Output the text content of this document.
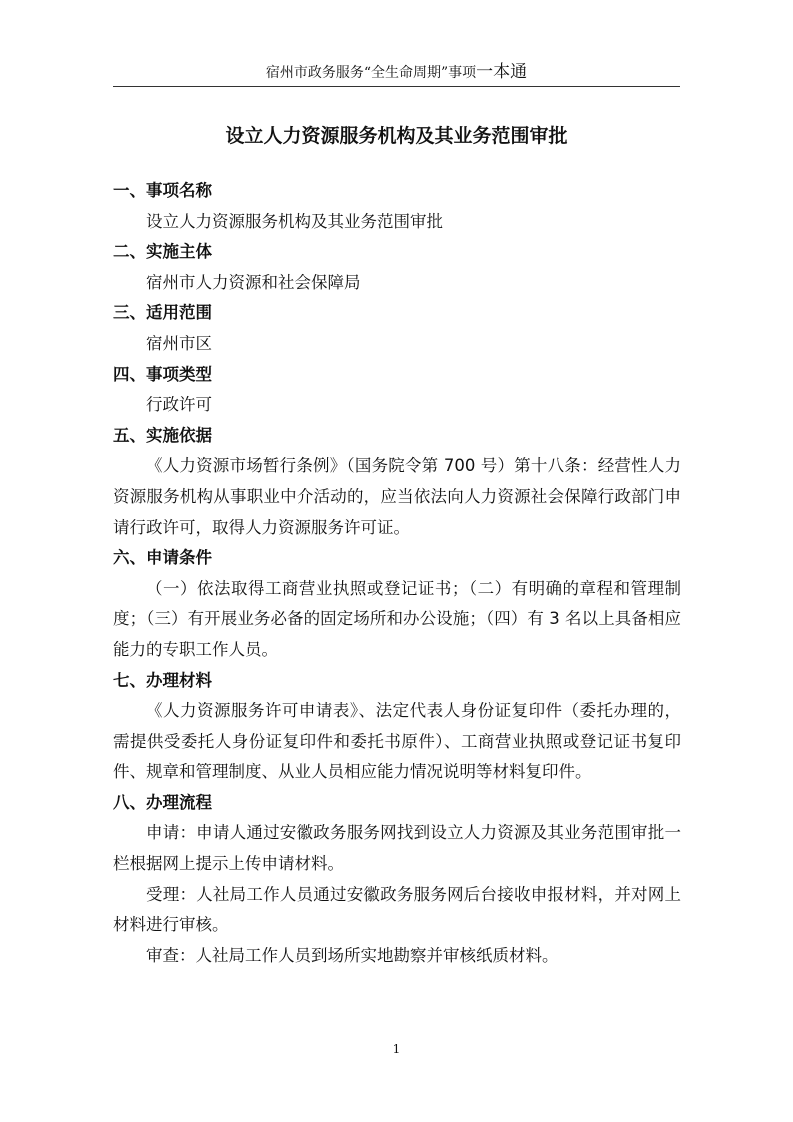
宿州市政务服务“全生命周期”事项一本通
设立人力资源服务机构及其业务范围审批

一、事项名称

设立人力资源服务机构及其业务范围审批

二、实施主体

宿州市人力资源和社会保障局

三、适用范围

宿州市区

四、事项类型

行政许可

五、实施依据

《人力资源市场暂行条例》（国务院令第 700 号）第十八条：经营性人力资源服务机构从事职业中介活动的，应当依法向人力资源社会保障行政部门申请行政许可，取得人力资源服务许可证。

六、申请条件

（一）依法取得工商营业执照或登记证书；（二）有明确的章程和管理制度；（三）有开展业务必备的固定场所和办公设施；（四）有 3 名以上具备相应能力的专职工作人员。

七、办理材料

《人力资源服务许可申请表》、法定代表人身份证复印件（委托办理的，需提供受委托人身份证复印件和委托书原件）、工商营业执照或登记证书复印件、规章和管理制度、从业人员相应能力情况说明等材料复印件。

八、办理流程

申请：申请人通过安徽政务服务网找到设立人力资源及其业务范围审批一栏根据网上提示上传申请材料。

受理：人社局工作人员通过安徽政务服务网后台接收申报材料，并对网上材料进行审核。

审查：人社局工作人员到场所实地勘察并审核纸质材料。

1
